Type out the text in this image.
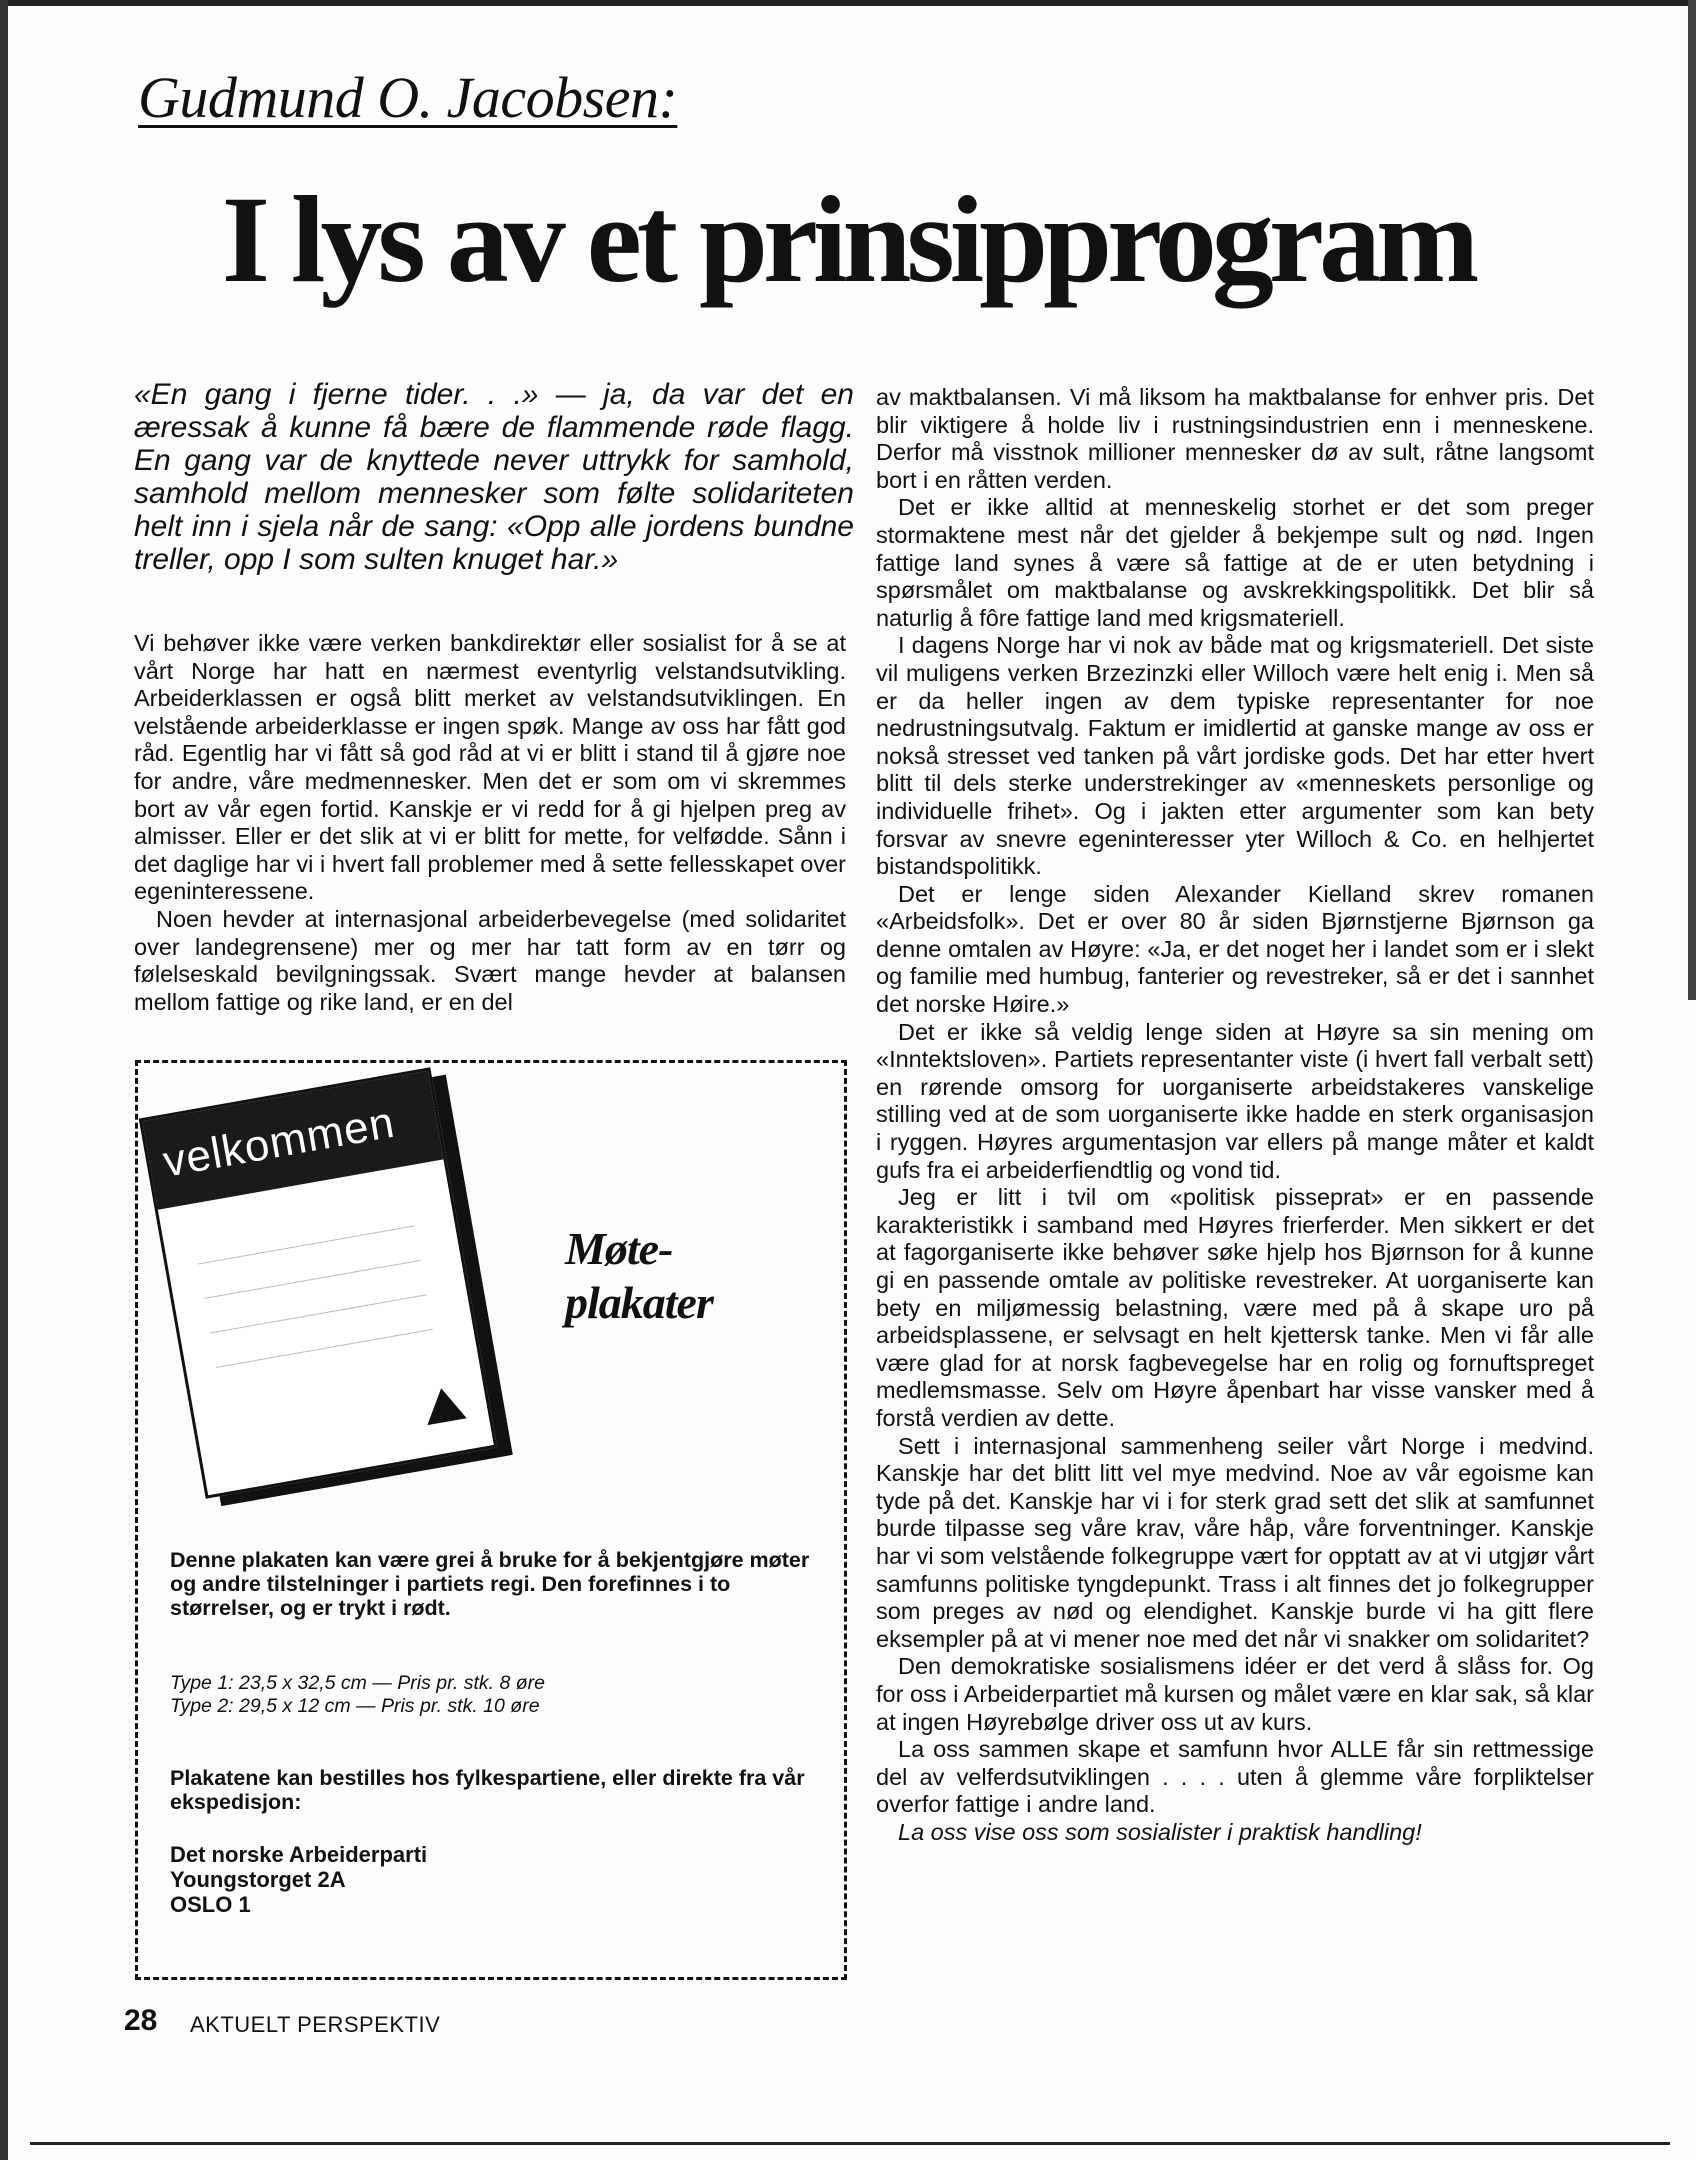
Gudmund O. Jacobsen:
I lys av et prinsipprogram

«En gang i fjerne tider. . .» — ja, da var det en æressak å kunne få bære de flammende røde flagg. En gang var de knyttede never uttrykk for samhold, samhold mellom mennesker som følte solidariteten helt inn i sjela når de sang: «Opp alle jordens bundne treller, opp I som sulten knuget har.»

Vi behøver ikke være verken bankdirektør eller sosialist for å se at vårt Norge har hatt en nærmest eventyrlig velstandsutvikling. Arbeiderklassen er også blitt merket av velstandsutviklingen. En velstående arbeiderklasse er ingen spøk. Mange av oss har fått god råd. Egentlig har vi fått så god råd at vi er blitt i stand til å gjøre noe for andre, våre medmennesker. Men det er som om vi skremmes bort av vår egen fortid. Kanskje er vi redd for å gi hjelpen preg av almisser. Eller er det slik at vi er blitt for mette, for velfødde. Sånn i det daglige har vi i hvert fall problemer med å sette fellesskapet over egeninteressene.

Noen hevder at internasjonal arbeiderbevegelse (med solidaritet over landegrensene) mer og mer har tatt form av en tørr og følelseskald bevilgningssak. Svært mange hevder at balansen mellom fattige og rike land, er en del

av maktbalansen. Vi må liksom ha maktbalanse for enhver pris. Det blir viktigere å holde liv i rustningsindustrien enn i menneskene. Derfor må visstnok millioner mennesker dø av sult, råtne langsomt bort i en råtten verden.

Det er ikke alltid at menneskelig storhet er det som preger stormaktene mest når det gjelder å bekjempe sult og nød. Ingen fattige land synes å være så fattige at de er uten betydning i spørsmålet om maktbalanse og avskrekkingspolitikk. Det blir så naturlig å fôre fattige land med krigsmateriell.

I dagens Norge har vi nok av både mat og krigsmateriell. Det siste vil muligens verken Brzezinzki eller Willoch være helt enig i. Men så er da heller ingen av dem typiske representanter for noe nedrustningsutvalg. Faktum er imidlertid at ganske mange av oss er nokså stresset ved tanken på vårt jordiske gods. Det har etter hvert blitt til dels sterke understrekinger av «menneskets personlige og individuelle frihet». Og i jakten etter argumenter som kan bety forsvar av snevre egeninteresser yter Willoch & Co. en helhjertet bistandspolitikk.

Det er lenge siden Alexander Kielland skrev romanen «Arbeidsfolk». Det er over 80 år siden Bjørnstjerne Bjørnson ga denne omtalen av Høyre: «Ja, er det noget her i landet som er i slekt og familie med humbug, fanterier og revestreker, så er det i sannhet det norske Høire.»

Det er ikke så veldig lenge siden at Høyre sa sin mening om «Inntektsloven». Partiets representanter viste (i hvert fall verbalt sett) en rørende omsorg for uorganiserte arbeidstakeres vanskelige stilling ved at de som uorganiserte ikke hadde en sterk organisasjon i ryggen. Høyres argumentasjon var ellers på mange måter et kaldt gufs fra ei arbeiderfiendtlig og vond tid.

Jeg er litt i tvil om «politisk pisseprat» er en passende karakteristikk i samband med Høyres frierferder. Men sikkert er det at fagorganiserte ikke behøver søke hjelp hos Bjørnson for å kunne gi en passende omtale av politiske revestreker. At uorganiserte kan bety en miljømessig belastning, være med på å skape uro på arbeidsplassene, er selvsagt en helt kjettersk tanke. Men vi får alle være glad for at norsk fagbevegelse har en rolig og fornuftspreget medlemsmasse. Selv om Høyre åpenbart har visse vansker med å forstå verdien av dette.

Sett i internasjonal sammenheng seiler vårt Norge i medvind. Kanskje har det blitt litt vel mye medvind. Noe av vår egoisme kan tyde på det. Kanskje har vi i for sterk grad sett det slik at samfunnet burde tilpasse seg våre krav, våre håp, våre forventninger. Kanskje har vi som velstående folkegruppe vært for opptatt av at vi utgjør vårt samfunns politiske tyngdepunkt. Trass i alt finnes det jo folkegrupper som preges av nød og elendighet. Kanskje burde vi ha gitt flere eksempler på at vi mener noe med det når vi snakker om solidaritet?

Den demokratiske sosialismens idéer er det verd å slåss for. Og for oss i Arbeiderpartiet må kursen og målet være en klar sak, så klar at ingen Høyrebølge driver oss ut av kurs.

La oss sammen skape et samfunn hvor ALLE får sin rettmessige del av velferdsutviklingen . . . . uten å glemme våre forpliktelser overfor fattige i andre land.

La oss vise oss som sosialister i praktisk handling!

velkommen
Møte-
plakater

Denne plakaten kan være grei å bruke for å bekjentgjøre møter og andre tilstelninger i partiets regi. Den forefinnes i to størrelser, og er trykt i rødt.

Type 1: 23,5 x 32,5 cm — Pris pr. stk. 8 øre
Type 2: 29,5 x 12 cm — Pris pr. stk. 10 øre

Plakatene kan bestilles hos fylkespartiene, eller direkte fra vår ekspedisjon:

Det norske Arbeiderparti
Youngstorget 2A
OSLO 1
28 AKTUELT PERSPEKTIV
